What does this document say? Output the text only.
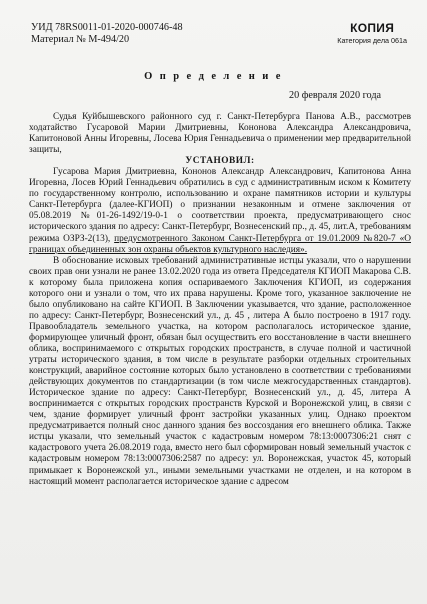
УИД 78RS0011-01-2020-000746-48
Материал № М-494/20
КОПИЯ
Категория дела 061а
О п р е д е л е н и е
20 февраля 2020 года

Судья Куйбышевского районного суд г. Санкт-Петербурга Панова А.В., рассмотрев ходатайство Гусаровой Марии Дмитриевны, Кононова Александра Александровича, Капитоновой Анны Игоревны, Лосева Юрия Геннадьевича о применении мер предварительной защиты,

УСТАНОВИЛ:

Гусарова Мария Дмитриевна, Кононов Александр Александрович, Капитонова Анна Игоревна, Лосев Юрий Геннадьевич обратились в суд с административным иском к Комитету по государственному контролю, использованию и охране памятников истории и культуры Санкт-Петербурга (далее-КГИОП) о признании незаконным и отмене заключения от 05.08.2019 №01-26-1492/19-0-1 о соответствии проекта, предусматривающего снос исторического здания по адресу: Санкт-Петербург, Вознесенский пр., д. 45, лит.А, требованиям режима ОЗРЗ-2(13), предусмотренного Законом Санкт-Петербурга от 19.01.2009 №820-7 «О границах объединенных зон охраны объектов культурного наследия».

В обоснование исковых требований административные истцы указали, что о нарушении своих прав они узнали не ранее 13.02.2020 года из ответа Председателя КГИОП Макарова С.В. к которому была приложена копия оспариваемого Заключения КГИОП, из содержания которого они и узнали о том, что их права нарушены. Кроме того, указанное заключение не было опубликовано на сайте КГИОП. В Заключении указывается, что здание, расположенное по адресу: Санкт-Петербург, Вознесенский ул., д. 45 , литера А было построено в 1917 году. Правообладатель земельного участка, на котором располагалось историческое здание, формирующее уличный фронт, обязан был осуществить его восстановление в части внешнего облика, воспринимаемого с открытых городских пространств, в случае полной и частичной утраты исторического здания, в том числе в результате разборки отдельных строительных конструкций, аварийное состояние которых было установлено в соответствии с требованиями действующих документов по стандартизации (в том числе межгосударственных стандартов). Историческое здание по адресу: Санкт-Петербург, Вознесенский ул., д. 45, литера А воспринимается с открытых городских пространств Курской и Воронежской улиц, в связи с чем, здание формирует уличный фронт застройки указанных улиц. Однако проектом предусматривается полный снос данного здания без воссоздания его внешнего облика. Также истцы указали, что земельный участок с кадастровым номером 78:13:0007306:21 снят с кадастрового учета 26.08.2019 года, вместо него был сформирован новый земельный участок с кадастровым номером 78:13:0007306:2587 по адресу: ул. Воронежская, участок 45, который примыкает к Воронежской ул., иными земельными участками не отделен, и на котором в настоящий момент располагается историческое здание с адресом
